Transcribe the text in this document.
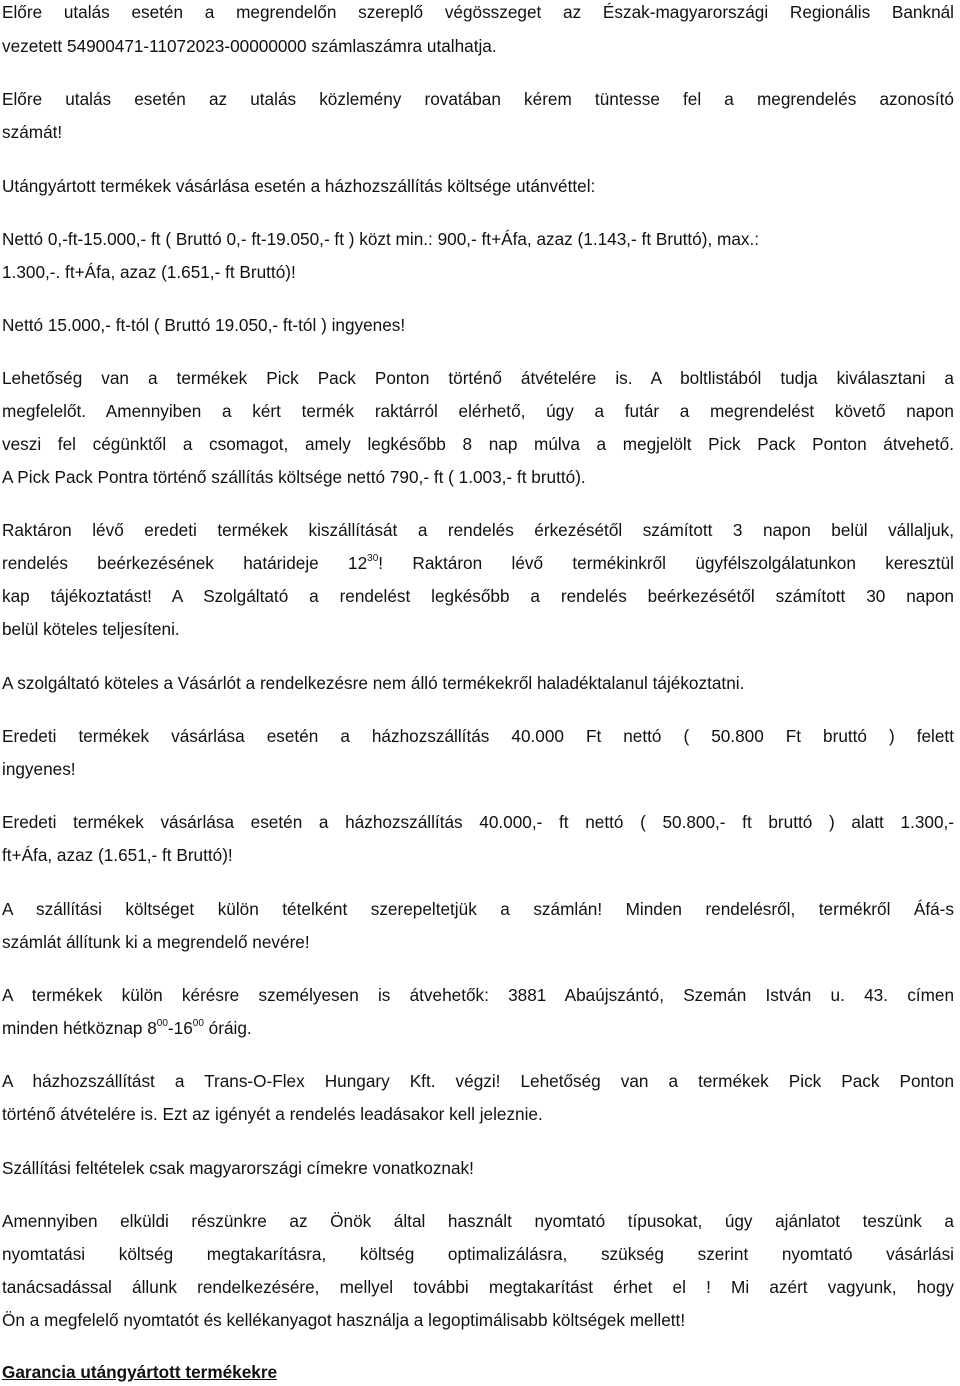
Előre utalás esetén a megrendelőn szereplő végösszeget az Észak-magyarországi Regionális Banknál
vezetett 54900471-11072023-00000000 számlaszámra utalhatja.
Előre utalás esetén az utalás közlemény rovatában kérem tüntesse fel a megrendelés azonosító
számát!
Utángyártott termékek vásárlása esetén a házhozszállítás költsége utánvéttel:
Nettó 0,-ft-15.000,- ft ( Bruttó 0,- ft-19.050,- ft ) közt min.: 900,- ft+Áfa, azaz (1.143,- ft Bruttó), max.:
1.300,-. ft+Áfa, azaz (1.651,- ft Bruttó)!
Nettó 15.000,- ft-tól ( Bruttó 19.050,- ft-tól ) ingyenes!
Lehetőség van a termékek Pick Pack Ponton történő átvételére is. A boltlistából tudja kiválasztani a
megfelelőt. Amennyiben a kért termék raktárról elérhető, úgy a futár a megrendelést követő napon
veszi fel cégünktől a csomagot, amely legkésőbb 8 nap múlva a megjelölt Pick Pack Ponton átvehető.
A Pick Pack Pontra történő szállítás költsége nettó 790,- ft ( 1.003,- ft bruttó).
Raktáron lévő eredeti termékek kiszállítását a rendelés érkezésétől számított 3 napon belül vállaljuk,
rendelés beérkezésének határideje $12^{30}$! Raktáron lévő termékinkről ügyfélszolgálatunkon keresztül
kap tájékoztatást! A Szolgáltató a rendelést legkésőbb a rendelés beérkezésétől számított 30 napon
belül köteles teljesíteni.
A szolgáltató köteles a Vásárlót a rendelkezésre nem álló termékekről haladéktalanul tájékoztatni.
Eredeti termékek vásárlása esetén a házhozszállítás 40.000 Ft nettó ( 50.800 Ft bruttó ) felett
ingyenes!
Eredeti termékek vásárlása esetén a házhozszállítás 40.000,- ft nettó ( 50.800,- ft bruttó ) alatt 1.300,-
ft+Áfa, azaz (1.651,- ft Bruttó)!
A szállítási költséget külön tételként szerepeltetjük a számlán! Minden rendelésről, termékről Áfá-s
számlát állítunk ki a megrendelő nevére!
A termékek külön kérésre személyesen is átvehetők: 3881 Abaújszántó, Szemán István u. 43. címen
minden hétköznap $8^{00}-16^{00}$ óráig.
A házhozszállítást a Trans-O-Flex Hungary Kft. végzi! Lehetőség van a termékek Pick Pack Ponton
történő átvételére is. Ezt az igényét a rendelés leadásakor kell jeleznie.
Szállítási feltételek csak magyarországi címekre vonatkoznak!
Amennyiben elküldi részünkre az Önök által használt nyomtató típusokat, úgy ajánlatot teszünk a
nyomtatási költség megtakarításra, költség optimalizálásra, szükség szerint nyomtató vásárlási
tanácsadással állunk rendelkezésére, mellyel további megtakarítást érhet el ! Mi azért vagyunk, hogy
Ön a megfelelő nyomtatót és kellékanyagot használja a legoptimálisabb költségek mellett!
Garancia utángyártott termékekre
